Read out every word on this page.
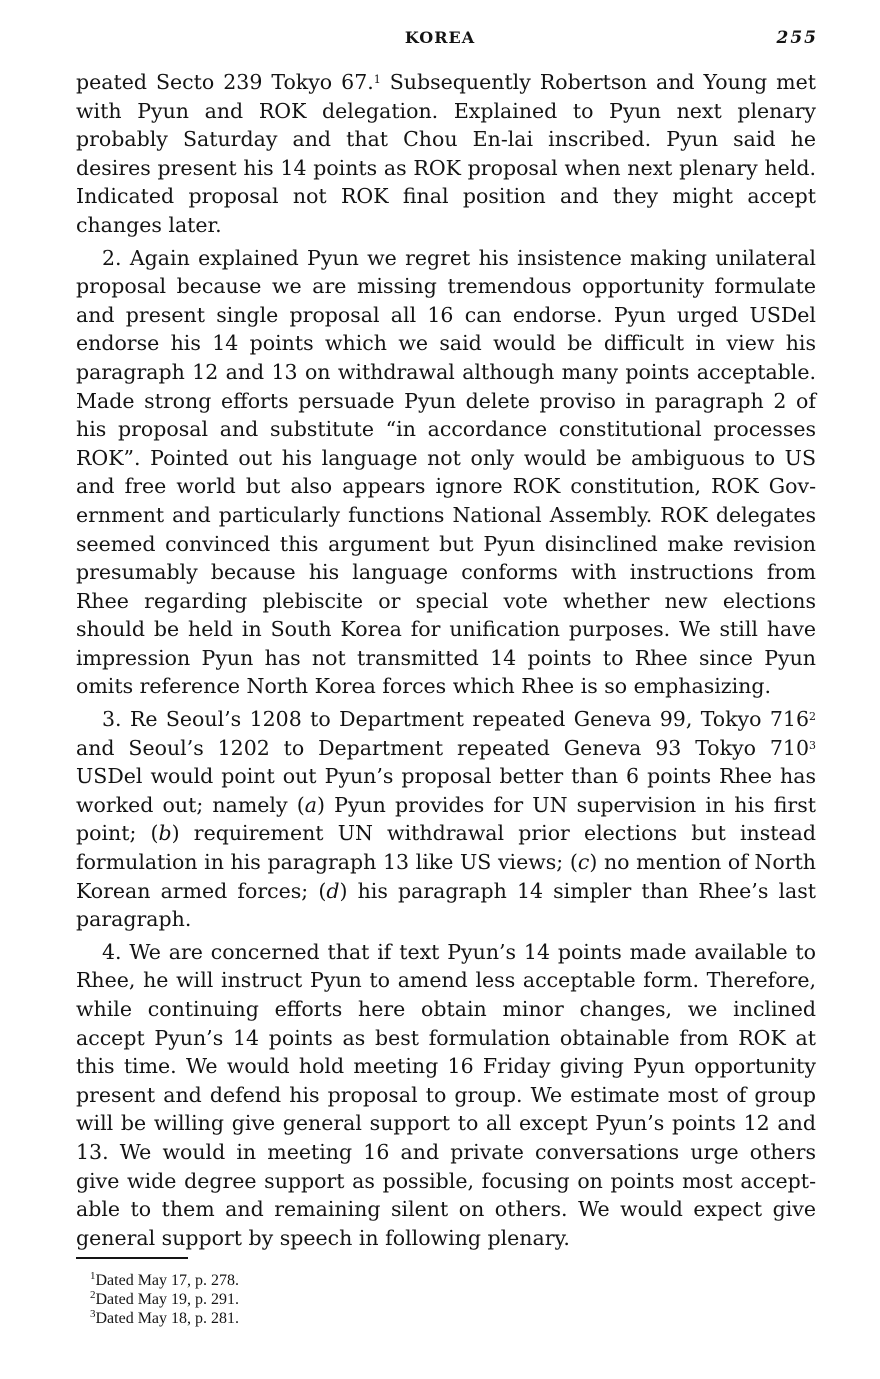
KOREA	255

peated Secto 239 Tokyo 67.$^1$ Subsequently Robertson and Young met with Pyun and ROK delegation. Explained to Pyun next plenary probably Saturday and that Chou En-lai inscribed. Pyun said he desires present his 14 points as ROK proposal when next plenary held. Indicated proposal not ROK final position and they might accept changes later.

2. Again explained Pyun we regret his insistence making unilateral proposal because we are missing tremendous opportunity formulate and present single proposal all 16 can endorse. Pyun urged USDel endorse his 14 points which we said would be difficult in view his paragraph 12 and 13 on withdrawal although many points acceptable. Made strong efforts persuade Pyun delete proviso in paragraph 2 of his proposal and substitute “in accordance constitutional processes ROK”. Pointed out his language not only would be ambiguous to US and free world but also appears ignore ROK constitution, ROK Government and particularly functions National Assembly. ROK delegates seemed convinced this argument but Pyun disinclined make revision presumably because his language conforms with instructions from Rhee regarding plebiscite or special vote whether new elections should be held in South Korea for unification purposes. We still have impression Pyun has not transmitted 14 points to Rhee since Pyun omits reference North Korea forces which Rhee is so emphasizing.

3. Re Seoul’s 1208 to Department repeated Geneva 99, Tokyo $716^2$ and Seoul’s 1202 to Department repeated Geneva 93 Tokyo $710^3$ USDel would point out Pyun’s proposal better than 6 points Rhee has worked out; namely (a) Pyun provides for UN supervision in his first point; (b) requirement UN withdrawal prior elections but instead formulation in his paragraph 13 like US views; (c) no mention of North Korean armed forces; (d) his paragraph 14 simpler than Rhee’s last paragraph.

4. We are concerned that if text Pyun’s 14 points made available to Rhee, he will instruct Pyun to amend less acceptable form. Therefore, while continuing efforts here obtain minor changes, we inclined accept Pyun’s 14 points as best formulation obtainable from ROK at this time. We would hold meeting 16 Friday giving Pyun opportunity present and defend his proposal to group. We estimate most of group will be willing give general support to all except Pyun’s points 12 and 13. We would in meeting 16 and private conversations urge others give wide degree support as possible, focusing on points most acceptable to them and remaining silent on others. We would expect give general support by speech in following plenary.

$^1$Dated May 17, p. 278.

$^2$Dated May 19, p. 291.

$^3$Dated May 18, p. 281.
